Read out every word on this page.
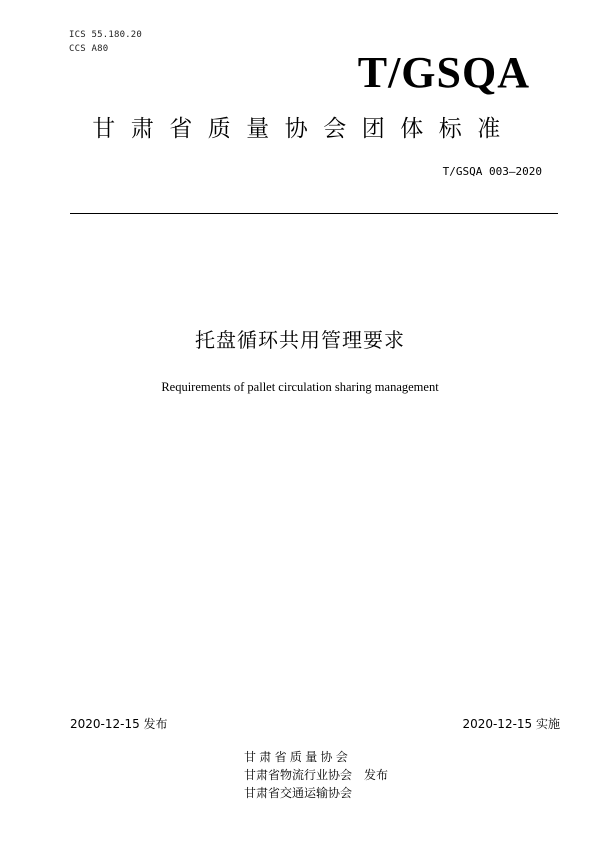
ICS 55.180.20
CCS A80	T/GSQA
甘肃省质量协会团体标准
T/GSQA 003—2020
托盘循环共用管理要求
Requirements of pallet circulation sharing management
2020-12-15 发布	2020-12-15 实施
甘肃省质量协会
甘肃省物流行业协会 发布
甘肃省交通运输协会
